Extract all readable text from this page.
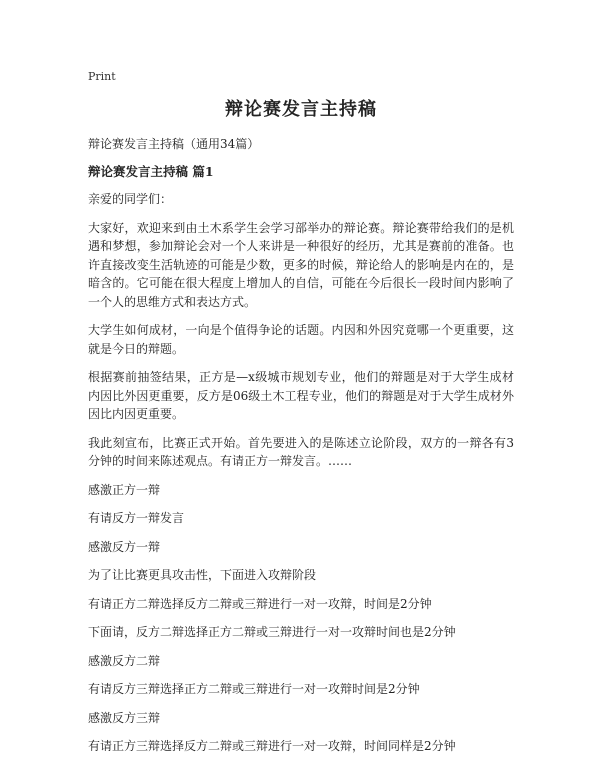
Print
辩论赛发言主持稿
辩论赛发言主持稿（通用34篇）
辩论赛发言主持稿 篇1

亲爱的同学们：

大家好，欢迎来到由土木系学生会学习部举办的辩论赛。辩论赛带给我们的是机遇和梦想，参加辩论会对一个人来讲是一种很好的经历，尤其是赛前的准备。也许直接改变生活轨迹的可能是少数，更多的时候，辩论给人的影响是内在的，是暗含的。它可能在很大程度上增加人的自信，可能在今后很长一段时间内影响了一个人的思维方式和表达方式。

大学生如何成材，一向是个值得争论的话题。内因和外因究竟哪一个更重要，这就是今日的辩题。

根据赛前抽签结果，正方是—x级城市规划专业，他们的辩题是对于大学生成材内因比外因更重要，反方是06级土木工程专业，他们的辩题是对于大学生成材外因比内因更重要。

我此刻宣布，比赛正式开始。首先要进入的是陈述立论阶段，双方的一辩各有3分钟的时间来陈述观点。有请正方一辩发言。……

感激正方一辩

有请反方一辩发言

感激反方一辩

为了让比赛更具攻击性，下面进入攻辩阶段

有请正方二辩选择反方二辩或三辩进行一对一攻辩，时间是2分钟

下面请，反方二辩选择正方二辩或三辩进行一对一攻辩时间也是2分钟

感激反方二辩

有请反方三辩选择正方二辩或三辩进行一对一攻辩时间是2分钟

感激反方三辩

有请正方三辩选择反方二辩或三辩进行一对一攻辩，时间同样是2分钟
